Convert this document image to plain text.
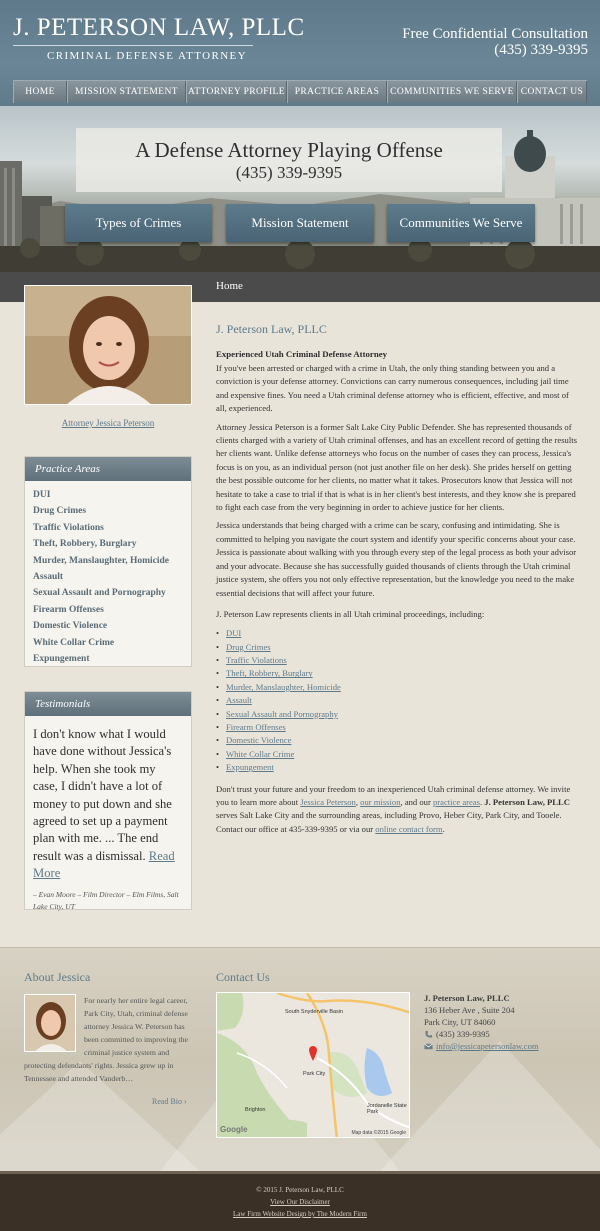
J. PETERSON LAW, PLLC
CRIMINAL DEFENSE ATTORNEY
Free Confidential Consultation
(435) 339-9395
HOME	MISSION STATEMENT	ATTORNEY PROFILE	PRACTICE AREAS	COMMUNITIES WE SERVE CONTACT US
A Defense Attorney Playing Offense
(435) 339-9395
Types of Crimes	Mission Statement	Communities We Serve
Home
Attorney Jessica Peterson
Practice Areas
DUI
Drug Crimes
Traffic Violations
Theft, Robbery, Burglary
Murder, Manslaughter, Homicide
Assault
Sexual Assault and Pornography
Firearm Offenses
Domestic Violence
White Collar Crime
Expungement
Testimonials
I don't know what I would have done without Jessica's help. When she took my case, I didn't have a lot of money to put down and she agreed to set up a payment plan with me. ... The end result was a dismissal. Read More
– Evan Moore – Film Director – Elm Films, Salt Lake City, UT
J. Peterson Law, PLLC
Experienced Utah Criminal Defense Attorney

If you've been arrested or charged with a crime in Utah, the only thing standing between you and a conviction is your defense attorney. Convictions can carry numerous consequences, including jail time and expensive fines. You need a Utah criminal defense attorney who is efficient, effective, and most of all, experienced.

Attorney Jessica Peterson is a former Salt Lake City Public Defender. She has represented thousands of clients charged with a variety of Utah criminal offenses, and has an excellent record of getting the results her clients want. Unlike defense attorneys who focus on the number of cases they can process, Jessica's focus is on you, as an individual person (not just another file on her desk). She prides herself on getting the best possible outcome for her clients, no matter what it takes. Prosecutors know that Jessica will not hesitate to take a case to trial if that is what is in her client's best interests, and they know she is prepared to fight each case from the very beginning in order to achieve justice for her clients.

Jessica understands that being charged with a crime can be scary, confusing and intimidating. She is committed to helping you navigate the court system and identify your specific concerns about your case. Jessica is passionate about walking with you through every step of the legal process as both your advisor and your advocate. Because she has successfully guided thousands of clients through the Utah criminal justice system, she offers you not only effective representation, but the knowledge you need to the make essential decisions that will affect your future.

J. Peterson Law represents clients in all Utah criminal proceedings, including:

• DUI
• Drug Crimes
• Traffic Violations
• Theft, Robbery, Burglary
• Murder, Manslaughter, Homicide
• Assault
• Sexual Assault and Pornography
• Firearm Offenses
• Domestic Violence
• White Collar Crime
• Expungement

Don't trust your future and your freedom to an inexperienced Utah criminal defense attorney. We invite you to learn more about Jessica Peterson, our mission, and our practice areas. J. Peterson Law, PLLC serves Salt Lake City and the surrounding areas, including Provo, Heber City, Park City, and Tooele. Contact our office at 435-339-9395 or via our online contact form.

About Jessica
For nearly her entire legal career, Park City, Utah, criminal defense attorney Jessica W. Peterson has been committed to improving the criminal justice system and protecting defendants' rights. Jessica grew up in Tennessee and attended Vanderb…
Read Bio ›
Contact Us
South Snyderville Basin
Park City
Jordanelle State Park
Brighton
Google	Map data ©2015 Google
J. Peterson Law, PLLC
136 Heber Ave , Suite 204
Park City, UT 84060
(435) 339-9395
info@jessicapetersonlaw.com
© 2015 J. Peterson Law, PLLC
View Our Disclaimer
Law Firm Website Design by The Modern Firm
